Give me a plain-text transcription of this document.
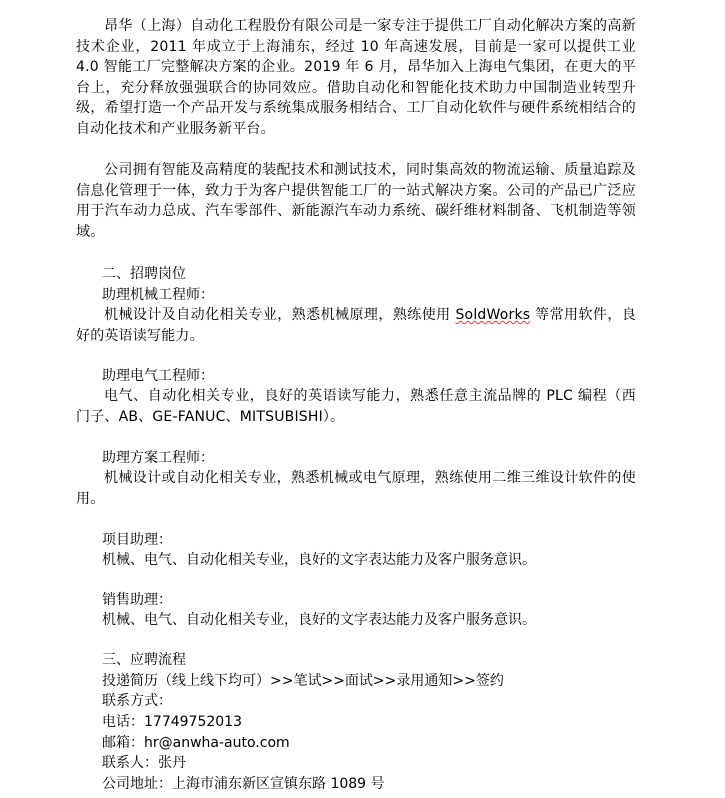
昂华（上海）自动化工程股份有限公司是一家专注于提供工厂自动化解决方案的高新技术企业，2011 年成立于上海浦东，经过 10 年高速发展，目前是一家可以提供工业 4.0 智能工厂完整解决方案的企业。2019 年 6 月，昂华加入上海电气集团，在更大的平台上，充分释放强强联合的协同效应。借助自动化和智能化技术助力中国制造业转型升级，希望打造一个产品开发与系统集成服务相结合、工厂自动化软件与硬件系统相结合的自动化技术和产业服务新平台。

公司拥有智能及高精度的装配技术和测试技术，同时集高效的物流运输、质量追踪及信息化管理于一体，致力于为客户提供智能工厂的一站式解决方案。公司的产品已广泛应用于汽车动力总成、汽车零部件、新能源汽车动力系统、碳纤维材料制备、飞机制造等领域。

二、招聘岗位

助理机械工程师：

机械设计及自动化相关专业，熟悉机械原理，熟练使用 SoldWorks 等常用软件，良好的英语读写能力。

助理电气工程师：

电气、自动化相关专业，良好的英语读写能力，熟悉任意主流品牌的 PLC 编程（西门子、AB、GE-FANUC、MITSUBISHI）。

助理方案工程师：

机械设计或自动化相关专业，熟悉机械或电气原理，熟练使用二维三维设计软件的使用。

项目助理：

机械、电气、自动化相关专业，良好的文字表达能力及客户服务意识。

销售助理：

机械、电气、自动化相关专业，良好的文字表达能力及客户服务意识。

三、应聘流程

投递简历（线上线下均可）>>笔试>>面试>>录用通知>>签约

联系方式：

电话：17749752013

邮箱：hr@anwha-auto.com

联系人：张丹

公司地址：上海市浦东新区宣镇东路 1089 号
